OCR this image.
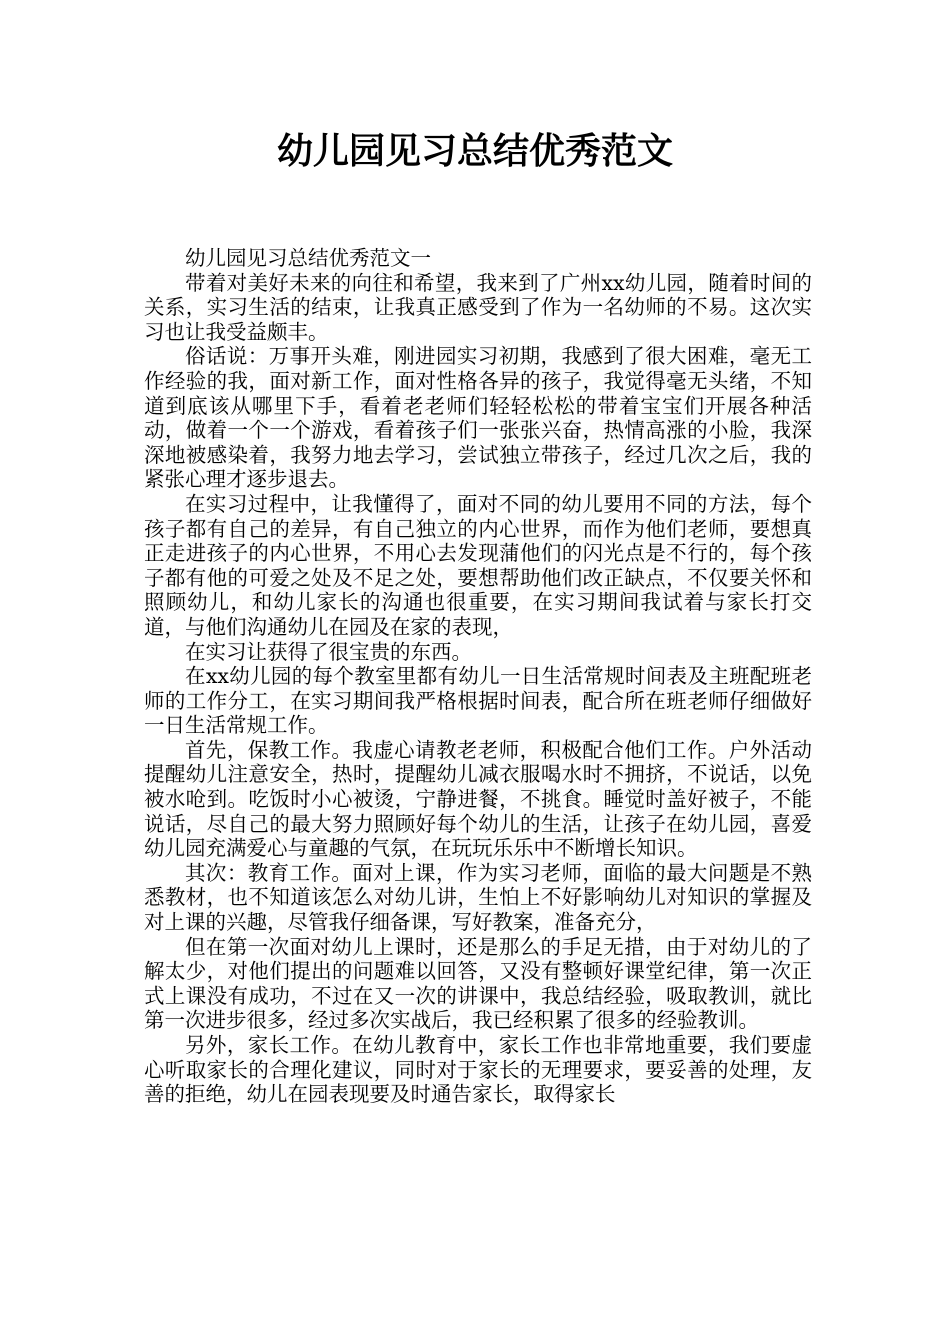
幼儿园见习总结优秀范文

幼儿园见习总结优秀范文一

带着对美好未来的向往和希望，我来到了广州xx幼儿园，随着时间的关系，实习生活的结束，让我真正感受到了作为一名幼师的不易。这次实习也让我受益颇丰。

俗话说：万事开头难，刚进园实习初期，我感到了很大困难，毫无工作经验的我，面对新工作，面对性格各异的孩子，我觉得毫无头绪，不知道到底该从哪里下手，看着老老师们轻轻松松的带着宝宝们开展各种活动，做着一个一个游戏，看着孩子们一张张兴奋，热情高涨的小脸，我深深地被感染着，我努力地去学习，尝试独立带孩子，经过几次之后，我的紧张心理才逐步退去。

在实习过程中，让我懂得了，面对不同的幼儿要用不同的方法，每个孩子都有自己的差异，有自己独立的内心世界，而作为他们老师，要想真正走进孩子的内心世界，不用心去发现蒲他们的闪光点是不行的，每个孩子都有他的可爱之处及不足之处，要想帮助他们改正缺点，不仅要关怀和照顾幼儿，和幼儿家长的沟通也很重要，在实习期间我试着与家长打交道，与他们沟通幼儿在园及在家的表现，

在实习让获得了很宝贵的东西。

在xx幼儿园的每个教室里都有幼儿一日生活常规时间表及主班配班老师的工作分工，在实习期间我严格根据时间表，配合所在班老师仔细做好一日生活常规工作。

首先，保教工作。我虚心请教老老师，积极配合他们工作。户外活动提醒幼儿注意安全，热时，提醒幼儿减衣服喝水时不拥挤，不说话，以免被水呛到。吃饭时小心被烫，宁静进餐，不挑食。睡觉时盖好被子，不能说话，尽自己的最大努力照顾好每个幼儿的生活，让孩子在幼儿园，喜爱幼儿园充满爱心与童趣的气氛，在玩玩乐乐中不断增长知识。

其次：教育工作。面对上课，作为实习老师，面临的最大问题是不熟悉教材，也不知道该怎么对幼儿讲，生怕上不好影响幼儿对知识的掌握及对上课的兴趣，尽管我仔细备课，写好教案，准备充分，

但在第一次面对幼儿上课时，还是那么的手足无措，由于对幼儿的了解太少，对他们提出的问题难以回答，又没有整顿好课堂纪律，第一次正式上课没有成功，不过在又一次的讲课中，我总结经验，吸取教训，就比第一次进步很多，经过多次实战后，我已经积累了很多的经验教训。

另外，家长工作。在幼儿教育中，家长工作也非常地重要，我们要虚心听取家长的合理化建议，同时对于家长的无理要求，要妥善的处理，友善的拒绝，幼儿在园表现要及时通告家长，取得家长
